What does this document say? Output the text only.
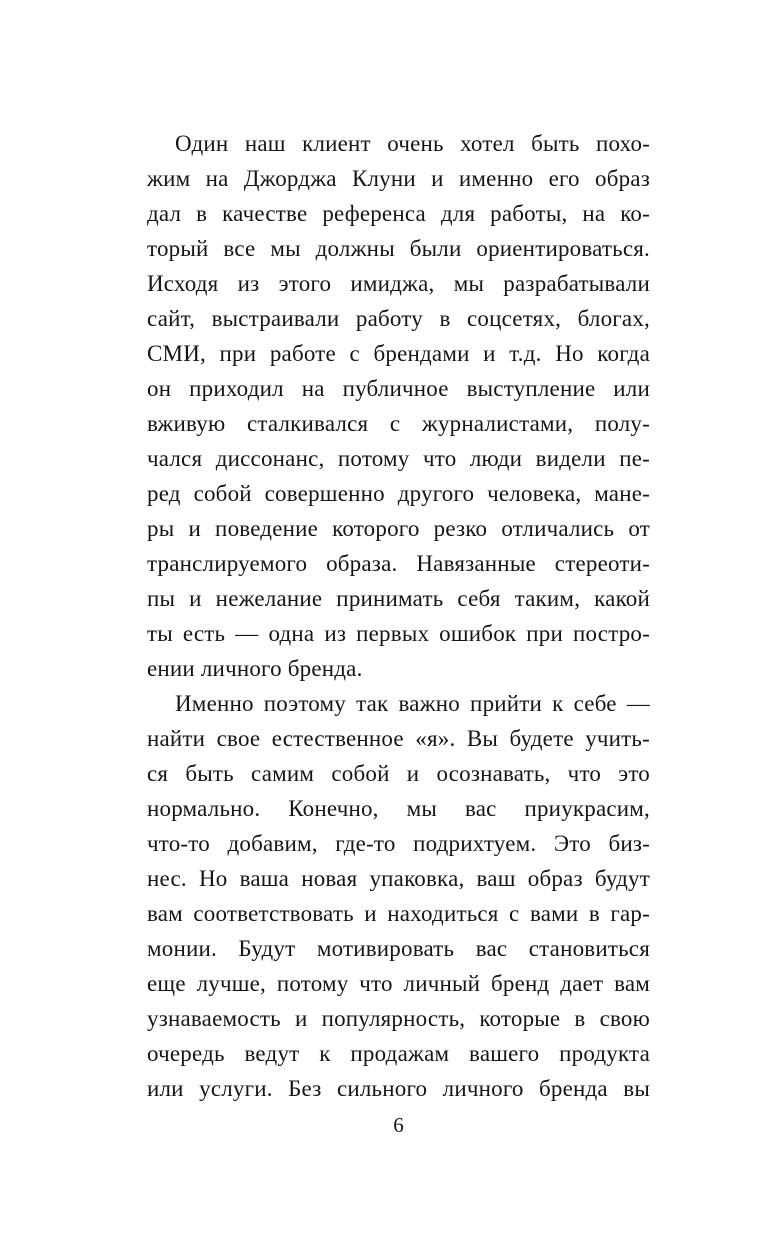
Один наш клиент очень хотел быть похо-
жим на Джорджа Клуни и именно его образ
дал в качестве референса для работы, на ко-
торый все мы должны были ориентироваться.
Исходя из этого имиджа, мы разрабатывали
сайт, выстраивали работу в соцсетях, блогах,
СМИ, при работе с брендами и т.д. Но когда
он приходил на публичное выступление или
вживую сталкивался с журналистами, полу-
чался диссонанс, потому что люди видели пе-
ред собой совершенно другого человека, мане-
ры и поведение которого резко отличались от
транслируемого образа. Навязанные стереоти-
пы и нежелание принимать себя таким, какой
ты есть — одна из первых ошибок при постро-
ении личного бренда.
Именно поэтому так важно прийти к себе —
найти свое естественное «я». Вы будете учить-
ся быть самим собой и осознавать, что это
нормально. Конечно, мы вас приукрасим,
что-то добавим, где-то подрихтуем. Это биз-
нес. Но ваша новая упаковка, ваш образ будут
вам соответствовать и находиться с вами в гар-
монии. Будут мотивировать вас становиться
еще лучше, потому что личный бренд дает вам
узнаваемость и популярность, которые в свою
очередь ведут к продажам вашего продукта
или услуги. Без сильного личного бренда вы
6
